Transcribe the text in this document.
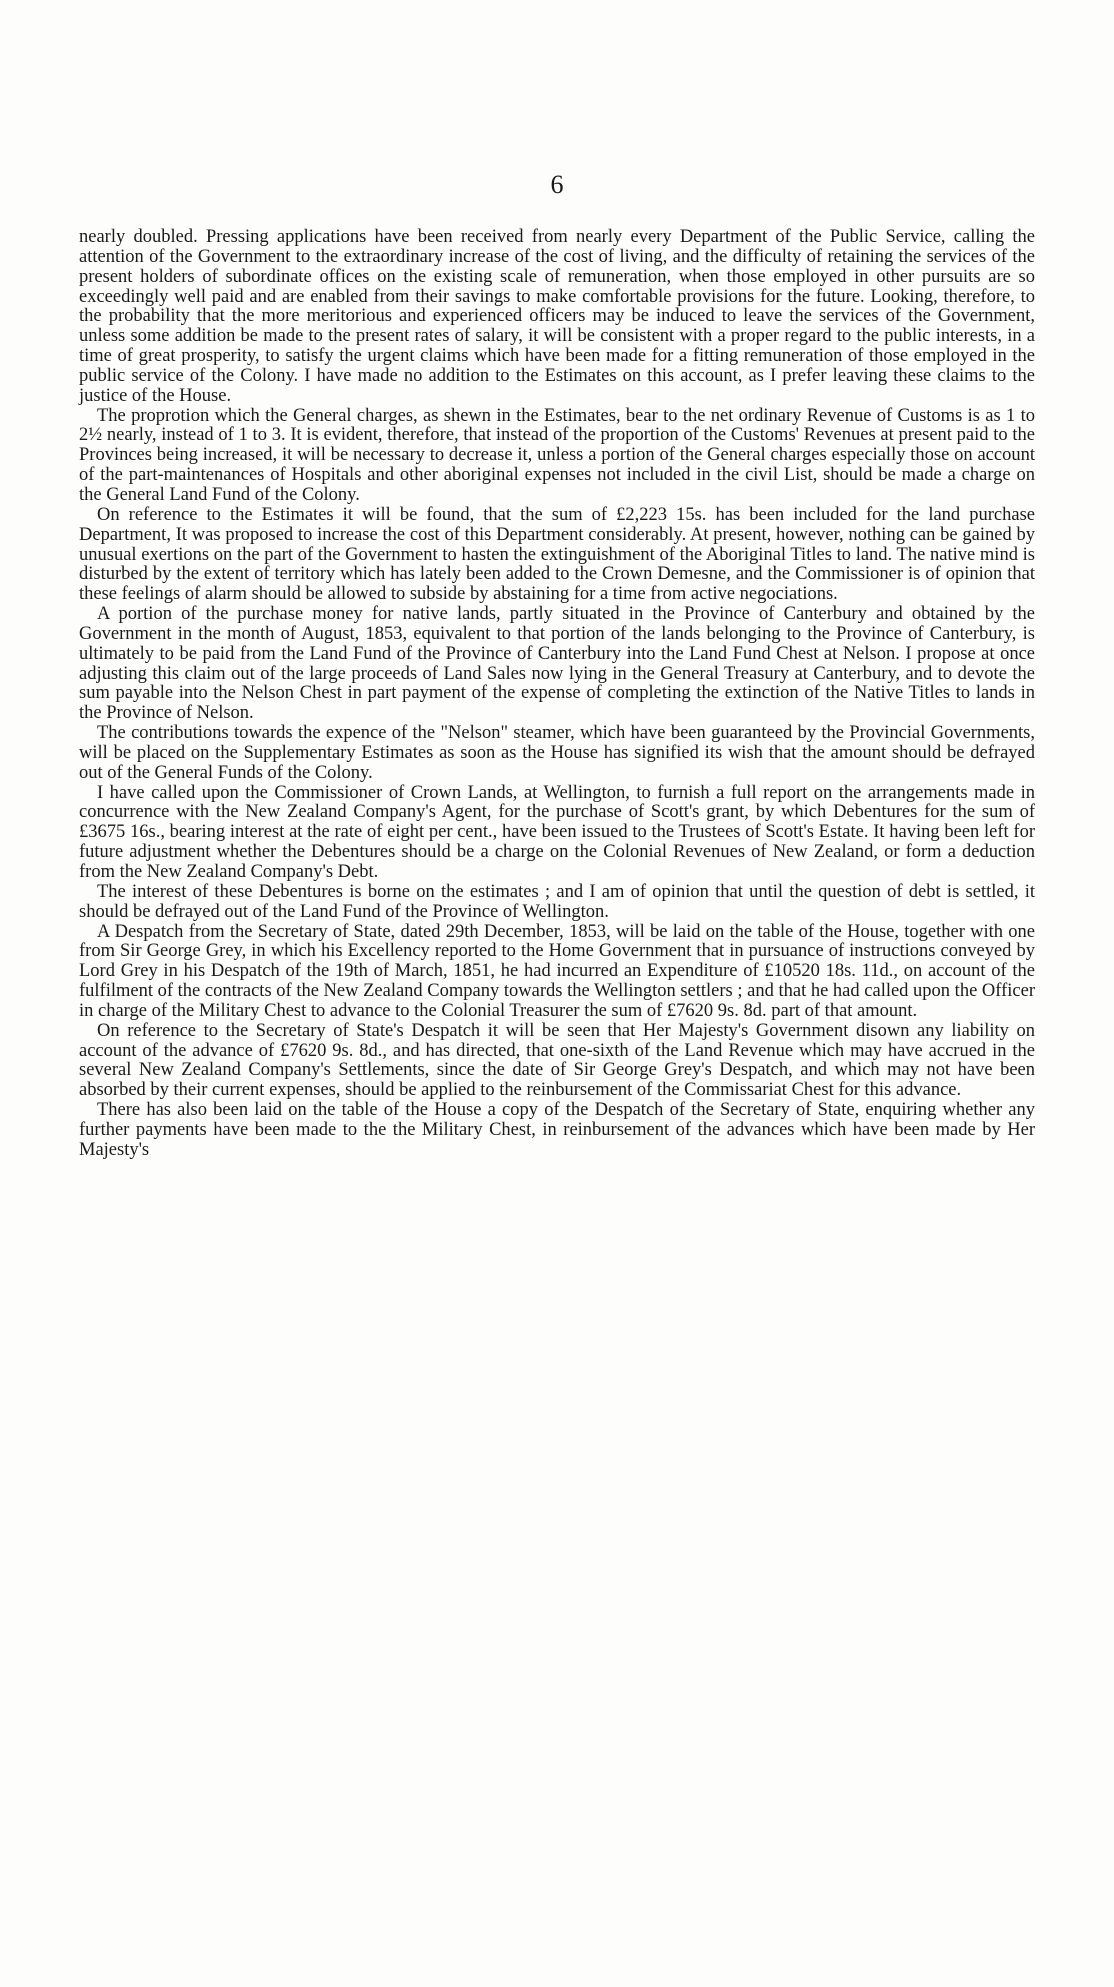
6

nearly doubled. Pressing applications have been received from nearly every Department of the Public Service, calling the attention of the Government to the extraordinary increase of the cost of living, and the difficulty of retaining the services of the present holders of subordinate offices on the existing scale of remuneration, when those employed in other pursuits are so exceedingly well paid and are enabled from their savings to make comfortable provisions for the future. Looking, therefore, to the probability that the more meritorious and experienced officers may be induced to leave the services of the Government, unless some addition be made to the present rates of salary, it will be consistent with a proper regard to the public interests, in a time of great prosperity, to satisfy the urgent claims which have been made for a fitting remuneration of those employed in the public service of the Colony. I have made no addition to the Estimates on this account, as I prefer leaving these claims to the justice of the House.

The proprotion which the General charges, as shewn in the Estimates, bear to the net ordinary Revenue of Customs is as 1 to 2½ nearly, instead of 1 to 3. It is evident, therefore, that instead of the proportion of the Customs' Revenues at present paid to the Provinces being increased, it will be necessary to decrease it, unless a portion of the General charges especially those on account of the part-maintenances of Hospitals and other aboriginal expenses not included in the civil List, should be made a charge on the General Land Fund of the Colony.

On reference to the Estimates it will be found, that the sum of £2,223 15s. has been included for the land purchase Department, It was proposed to increase the cost of this Department considerably. At present, however, nothing can be gained by unusual exertions on the part of the Government to hasten the extinguishment of the Aboriginal Titles to land. The native mind is disturbed by the extent of territory which has lately been added to the Crown Demesne, and the Commissioner is of opinion that these feelings of alarm should be allowed to subside by abstaining for a time from active negociations.

A portion of the purchase money for native lands, partly situated in the Province of Canterbury and obtained by the Government in the month of August, 1853, equivalent to that portion of the lands belonging to the Province of Canterbury, is ultimately to be paid from the Land Fund of the Province of Canterbury into the Land Fund Chest at Nelson. I propose at once adjusting this claim out of the large proceeds of Land Sales now lying in the General Treasury at Canterbury, and to devote the sum payable into the Nelson Chest in part payment of the expense of completing the extinction of the Native Titles to lands in the Province of Nelson.

The contributions towards the expence of the "Nelson" steamer, which have been guaranteed by the Provincial Governments, will be placed on the Supplementary Estimates as soon as the House has signified its wish that the amount should be defrayed out of the General Funds of the Colony.

I have called upon the Commissioner of Crown Lands, at Wellington, to furnish a full report on the arrangements made in concurrence with the New Zealand Company's Agent, for the purchase of Scott's grant, by which Debentures for the sum of £3675 16s., bearing interest at the rate of eight per cent., have been issued to the Trustees of Scott's Estate. It having been left for future adjustment whether the Debentures should be a charge on the Colonial Revenues of New Zealand, or form a deduction from the New Zealand Company's Debt.

The interest of these Debentures is borne on the estimates ; and I am of opinion that until the question of debt is settled, it should be defrayed out of the Land Fund of the Province of Wellington.

A Despatch from the Secretary of State, dated 29th December, 1853, will be laid on the table of the House, together with one from Sir George Grey, in which his Excellency reported to the Home Government that in pursuance of instructions conveyed by Lord Grey in his Despatch of the 19th of March, 1851, he had incurred an Expenditure of £10520 18s. 11d., on account of the fulfilment of the contracts of the New Zealand Company towards the Wellington settlers ; and that he had called upon the Officer in charge of the Military Chest to advance to the Colonial Treasurer the sum of £7620 9s. 8d. part of that amount.

On reference to the Secretary of State's Despatch it will be seen that Her Majesty's Government disown any liability on account of the advance of £7620 9s. 8d., and has directed, that one-sixth of the Land Revenue which may have accrued in the several New Zealand Company's Settlements, since the date of Sir George Grey's Despatch, and which may not have been absorbed by their current expenses, should be applied to the reinbursement of the Commissariat Chest for this advance.

There has also been laid on the table of the House a copy of the Despatch of the Secretary of State, enquiring whether any further payments have been made to the the Military Chest, in reinbursement of the advances which have been made by Her Majesty's
